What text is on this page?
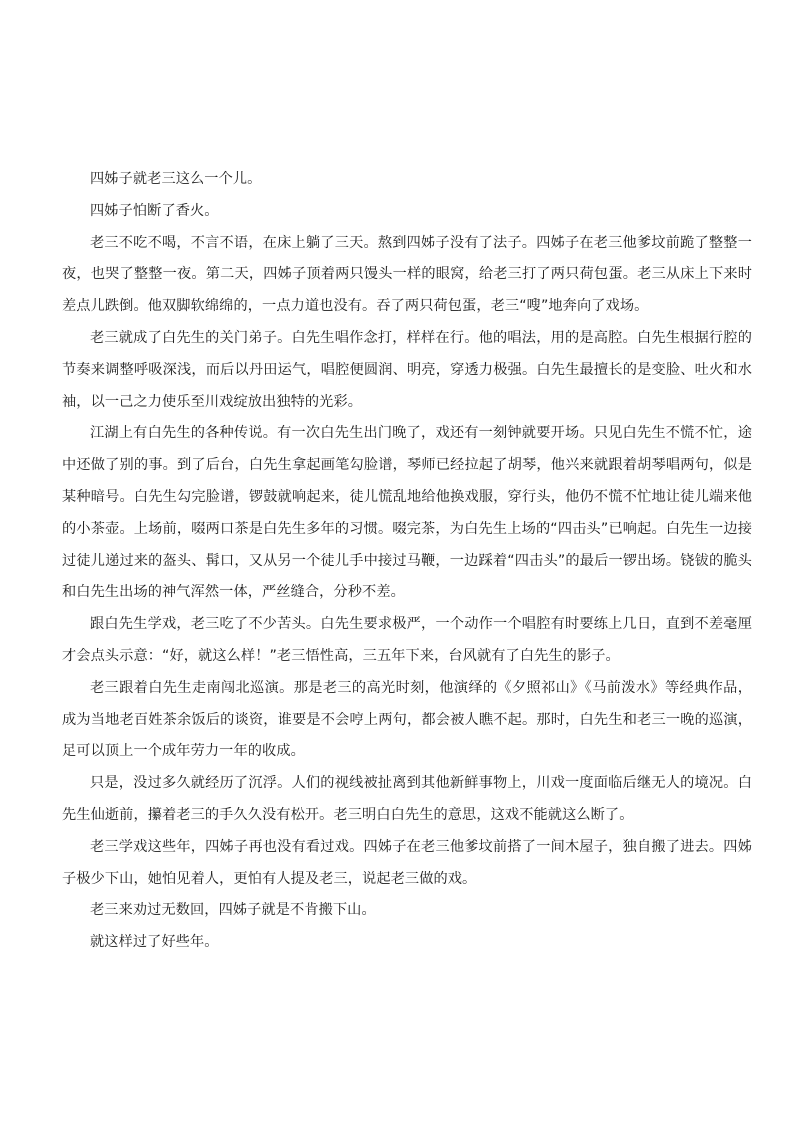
四姊子就老三这么一个儿。

四姊子怕断了香火。

老三不吃不喝，不言不语，在床上躺了三天。熬到四姊子没有了法子。四姊子在老三他爹坟前跪了整整一夜，也哭了整整一夜。第二天，四姊子顶着两只馒头一样的眼窝，给老三打了两只荷包蛋。老三从床上下来时差点儿跌倒。他双脚软绵绵的，一点力道也没有。吞了两只荷包蛋，老三“嗖”地奔向了戏场。

老三就成了白先生的关门弟子。白先生唱作念打，样样在行。他的唱法，用的是高腔。白先生根据行腔的节奏来调整呼吸深浅，而后以丹田运气，唱腔便圆润、明亮，穿透力极强。白先生最擅长的是变脸、吐火和水袖，以一己之力使乐至川戏绽放出独特的光彩。

江湖上有白先生的各种传说。有一次白先生出门晚了，戏还有一刻钟就要开场。只见白先生不慌不忙，途中还做了别的事。到了后台，白先生拿起画笔勾脸谱，琴师已经拉起了胡琴，他兴来就跟着胡琴唱两句，似是某种暗号。白先生勾完脸谱，锣鼓就响起来，徒儿慌乱地给他换戏服，穿行头，他仍不慌不忙地让徒儿端来他的小茶壶。上场前，啜两口茶是白先生多年的习惯。啜完茶，为白先生上场的“四击头”已响起。白先生一边接过徒儿递过来的盔头、髯口，又从另一个徒儿手中接过马鞭，一边踩着“四击头”的最后一锣出场。铙钹的脆头和白先生出场的神气浑然一体，严丝缝合，分秒不差。

跟白先生学戏，老三吃了不少苦头。白先生要求极严，一个动作一个唱腔有时要练上几日，直到不差毫厘才会点头示意：“好，就这么样！”老三悟性高，三五年下来，台风就有了白先生的影子。

老三跟着白先生走南闯北巡演。那是老三的高光时刻，他演绎的《夕照祁山》《马前泼水》等经典作品，成为当地老百姓茶余饭后的谈资，谁要是不会哼上两句，都会被人瞧不起。那时，白先生和老三一晚的巡演，足可以顶上一个成年劳力一年的收成。

只是，没过多久就经历了沉浮。人们的视线被扯离到其他新鲜事物上，川戏一度面临后继无人的境况。白先生仙逝前，攥着老三的手久久没有松开。老三明白白先生的意思，这戏不能就这么断了。

老三学戏这些年，四姊子再也没有看过戏。四姊子在老三他爹坟前搭了一间木屋子，独自搬了进去。四姊子极少下山，她怕见着人，更怕有人提及老三，说起老三做的戏。

老三来劝过无数回，四姊子就是不肯搬下山。

就这样过了好些年。
